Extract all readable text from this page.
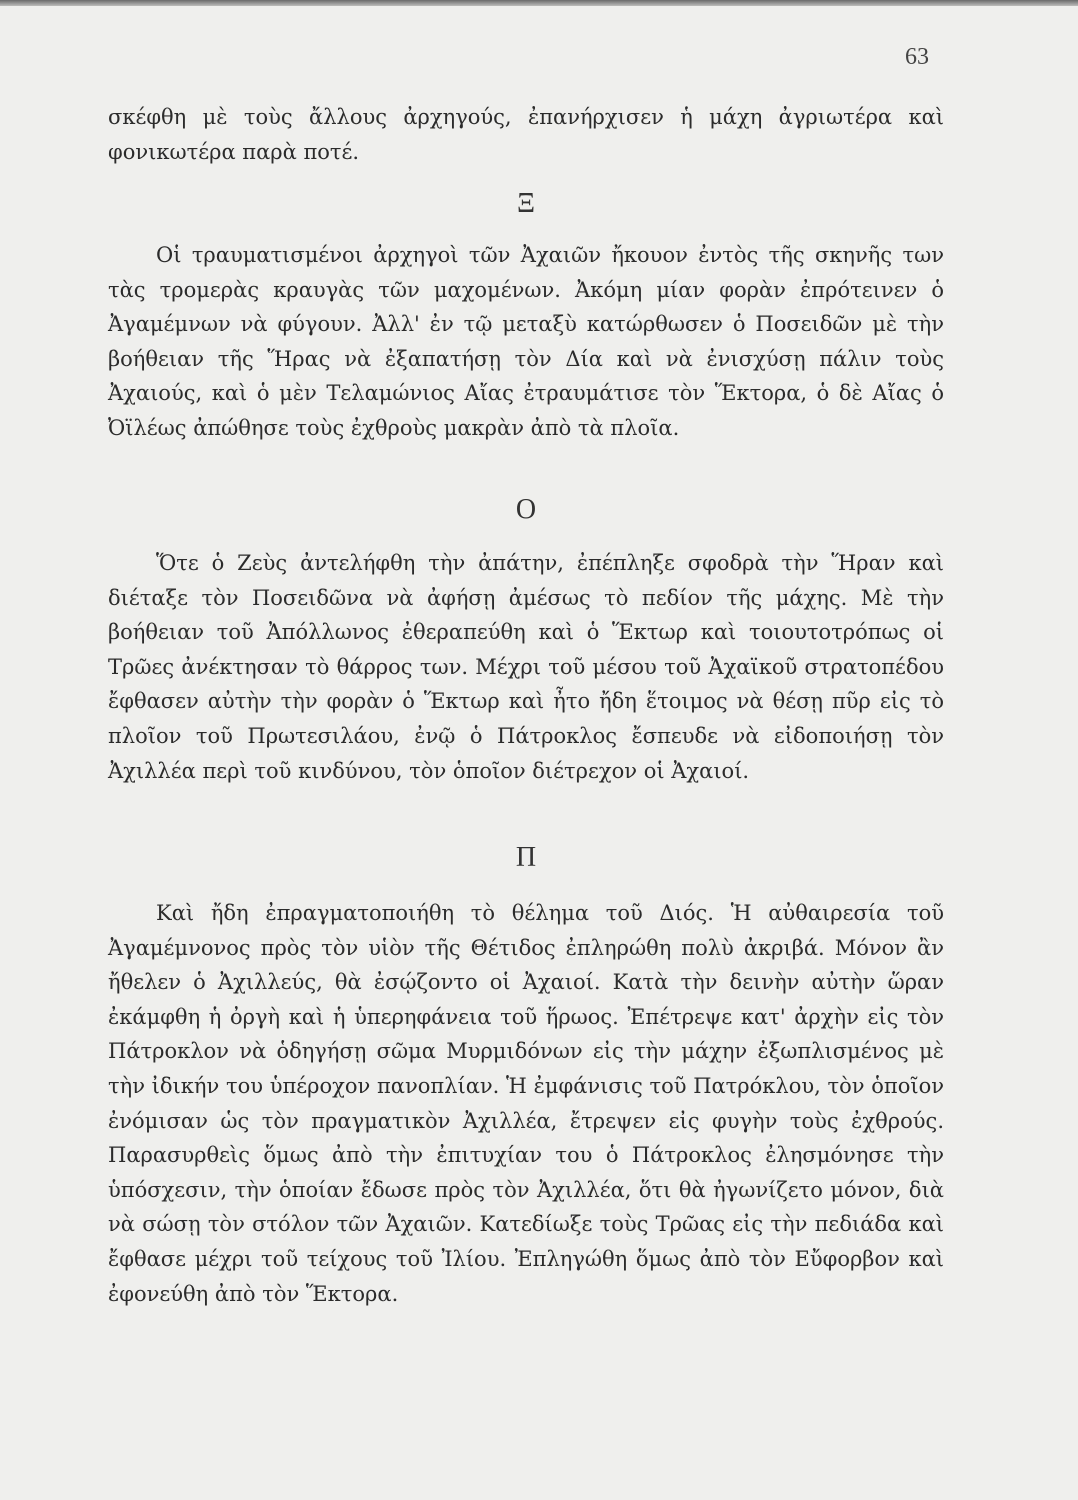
63

σκέφθη μὲ τοὺς ἄλλους ἀρχηγούς, ἐπανήρχισεν ἡ μάχη ἀγριωτέρα καὶ φονικωτέρα παρὰ ποτέ.

Ξ

Οἱ τραυματισμένοι ἀρχηγοὶ τῶν Ἀχαιῶν ἤκουον ἐντὸς τῆς σκηνῆς των τὰς τρομερὰς κραυγὰς τῶν μαχομένων. Ἀκόμη μίαν φορὰν ἐπρότεινεν ὁ Ἀγαμέμνων νὰ φύγουν. Ἀλλ' ἐν τῷ μεταξὺ κατώρθωσεν ὁ Ποσειδῶν μὲ τὴν βοήθειαν τῆς Ἥρας νὰ ἐξαπατήσῃ τὸν Δία καὶ νὰ ἐνισχύσῃ πάλιν τοὺς Ἀχαιούς, καὶ ὁ μὲν Τελαμώνιος Αἴας ἐτραυμάτισε τὸν Ἕκτορα, ὁ δὲ Αἴας ὁ Ὀϊλέως ἀπώθησε τοὺς ἐχθροὺς μακρὰν ἀπὸ τὰ πλοῖα.

Ο

Ὅτε ὁ Ζεὺς ἀντελήφθη τὴν ἀπάτην, ἐπέπληξε σφοδρὰ τὴν Ἥραν καὶ διέταξε τὸν Ποσειδῶνα νὰ ἀφήσῃ ἀμέσως τὸ πεδίον τῆς μάχης. Μὲ τὴν βοήθειαν τοῦ Ἀπόλλωνος ἐθεραπεύθη καὶ ὁ Ἕκτωρ καὶ τοιουτοτρόπως οἱ Τρῶες ἀνέκτησαν τὸ θάρρος των. Μέχρι τοῦ μέσου τοῦ Ἀχαϊκοῦ στρατοπέδου ἔφθασεν αὐτὴν τὴν φορὰν ὁ Ἕκτωρ καὶ ἦτο ἤδη ἕτοιμος νὰ θέσῃ πῦρ εἰς τὸ πλοῖον τοῦ Πρωτεσιλάου, ἐνῷ ὁ Πάτροκλος ἔσπευδε νὰ εἰδοποιήσῃ τὸν Ἀχιλλέα περὶ τοῦ κινδύνου, τὸν ὁποῖον διέτρεχον οἱ Ἀχαιοί.

Π

Καὶ ἤδη ἐπραγματοποιήθη τὸ θέλημα τοῦ Διός. Ἡ αὐθαιρεσία τοῦ Ἀγαμέμνονος πρὸς τὸν υἱὸν τῆς Θέτιδος ἐπληρώθη πολὺ ἀκριβά. Μόνον ἂν ἤθελεν ὁ Ἀχιλλεύς, θὰ ἐσῴζοντο οἱ Ἀχαιοί. Κατὰ τὴν δεινὴν αὐτὴν ὥραν ἐκάμφθη ἡ ὀργὴ καὶ ἡ ὑπερηφάνεια τοῦ ἥρωος. Ἐπέτρεψε κατ' ἀρχὴν εἰς τὸν Πάτροκλον νὰ ὁδηγήσῃ σῶμα Μυρμιδόνων εἰς τὴν μάχην ἐξωπλισμένος μὲ τὴν ἰδικήν του ὑπέροχον πανοπλίαν. Ἡ ἐμφάνισις τοῦ Πατρόκλου, τὸν ὁποῖον ἐνόμισαν ὡς τὸν πραγματικὸν Ἀχιλλέα, ἔτρεψεν εἰς φυγὴν τοὺς ἐχθρούς. Παρασυρθεὶς ὅμως ἀπὸ τὴν ἐπιτυχίαν του ὁ Πάτροκλος ἐλησμόνησε τὴν ὑπόσχεσιν, τὴν ὁποίαν ἔδωσε πρὸς τὸν Ἀχιλλέα, ὅτι θὰ ἠγωνίζετο μόνον, διὰ νὰ σώσῃ τὸν στόλον τῶν Ἀχαιῶν. Κατεδίωξε τοὺς Τρῶας εἰς τὴν πεδιάδα καὶ ἔφθασε μέχρι τοῦ τείχους τοῦ Ἰλίου. Ἐπληγώθη ὅμως ἀπὸ τὸν Εὔφορβον καὶ ἐφονεύθη ἀπὸ τὸν Ἕκτορα.
